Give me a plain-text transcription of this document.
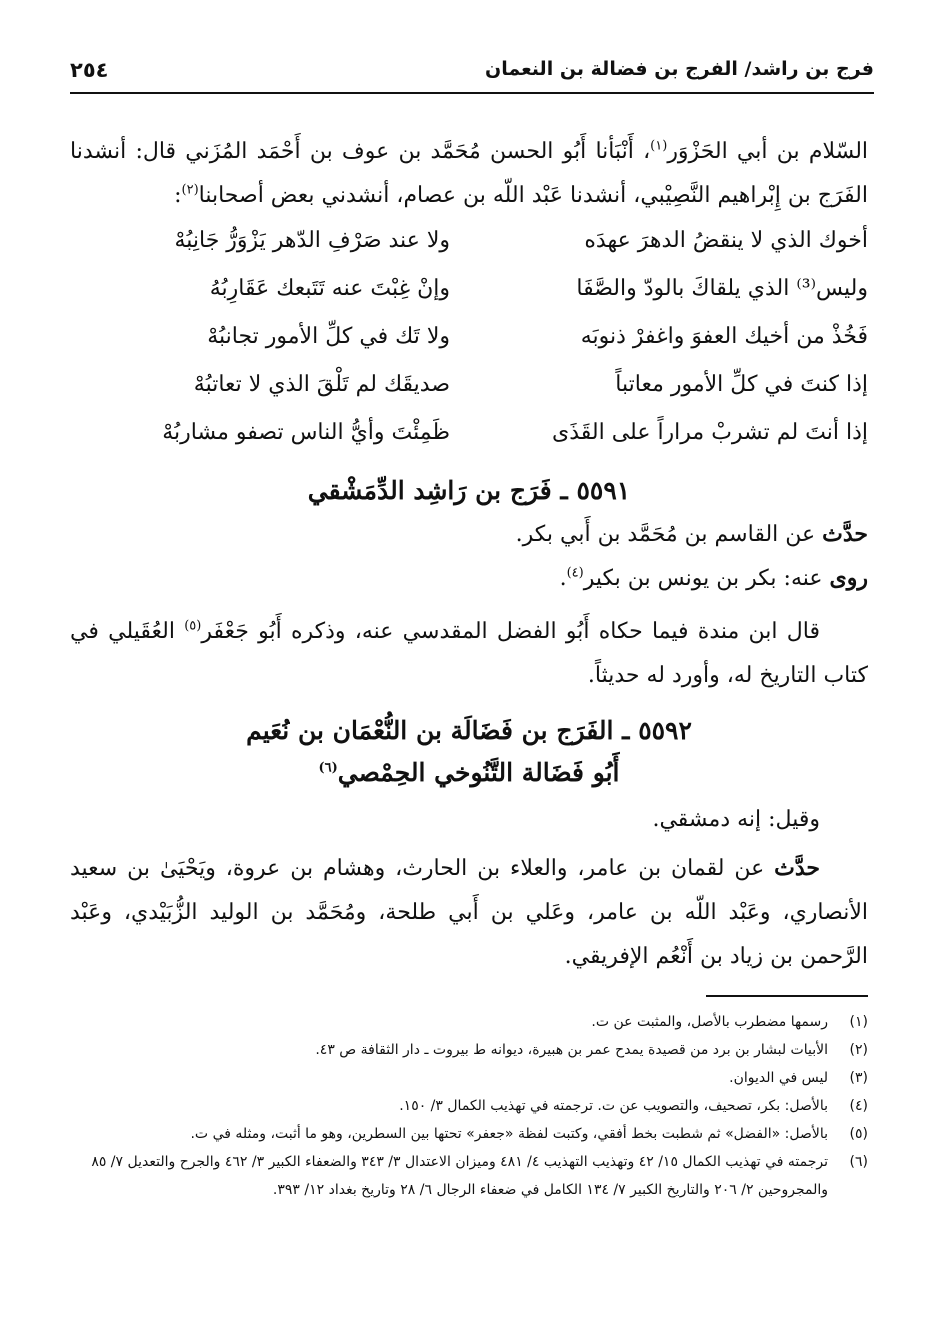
فرج بن راشد/ الفرج بن فضالة بن النعمان
٢٥٤
السّلام بن أبي الحَزْوَر$^{(١)}$، أَنْبَأنا أَبُو الحسن مُحَمَّد بن عوف بن أَحْمَد المُزَني قال: أنشدنا الفَرَج بن إِبْراهيم النَّصِيْبي، أنشدنا عَبْد اللّه بن عصام، أنشدني بعض أصحابنا$^{(٢)}$:
أخوك الذي لا ينقضُ الدهرَ عهدَه
ولا عند صَرْفِ الدّهر يَزْوَرُّ جَانِبُهْ
وليس⁽³⁾ الذي يلقاكَ بالودّ والصَّفَا
وإنْ غِبْتَ عنه تَتَبعك عَقَارِبُهُ
فَخُذْ من أخيك العفوَ واغفرْ ذنوبَه
ولا تَك في كلِّ الأمور تجانبُهْ
إذا كنتَ في كلِّ الأمور معاتباً
صديقَك لم تَلْقَ الذي لا تعاتبُهْ
إذا أنتَ لم تشربْ مراراً على القَذَى
ظَمِئْتَ وأيُّ الناس تصفو مشاربُهْ
٥٥٩١ ـ فَرَج بن رَاشِد الدِّمَشْقي
حدَّث عن القاسم بن مُحَمَّد بن أَبي بكر.
روى عنه: بكر بن يونس بن بكير$^{(٤)}$.
قال ابن مندة فيما حكاه أَبُو الفضل المقدسي عنه، وذكره أَبُو جَعْفَر$^{(٥)}$ العُقَيلي في كتاب التاريخ له، وأورد له حديثاً.
٥٥٩٢ ـ الفَرَج بن فَضَالَة بن النُّعْمَان بن نُعَيم
أَبُو فَضَالة التَّنُوخي الحِمْصي$^{(٦)}$
وقيل: إنه دمشقي.
حدَّث عن لقمان بن عامر، والعلاء بن الحارث، وهشام بن عروة، ويَحْيَىٰ بن سعيد الأنصاري، وعَبْد اللّه بن عامر، وعَلي بن أَبي طلحة، ومُحَمَّد بن الوليد الزُّبَيْدي، وعَبْد الرَّحمن بن زياد بن أَنْعُم الإفريقي.
(١)
رسمها مضطرب بالأصل، والمثبت عن ت.
(٢)
الأبيات لبشار بن برد من قصيدة يمدح عمر بن هبيرة، ديوانه ط بيروت ـ دار الثقافة ص ٤٣.
(٣)
ليس في الديوان.
(٤)
بالأصل: بكر، تصحيف، والتصويب عن ت. ترجمته في تهذيب الكمال ٣/ ١٥٠.
(٥)
بالأصل: «الفضل» ثم شطبت بخط أفقي، وكتبت لفظة «جعفر» تحتها بين السطرين، وهو ما أثبت، ومثله في ت.
(٦)
ترجمته في تهذيب الكمال ١٥/ ٤٢ وتهذيب التهذيب ٤/ ٤٨١ وميزان الاعتدال ٣/ ٣٤٣ والضعفاء الكبير ٣/ ٤٦٢ والجرح والتعديل ٧/ ٨٥ والمجروحين ٢/ ٢٠٦ والتاريخ الكبير ٧/ ١٣٤ الكامل في ضعفاء الرجال ٦/ ٢٨ وتاريخ بغداد ١٢/ ٣٩٣.
